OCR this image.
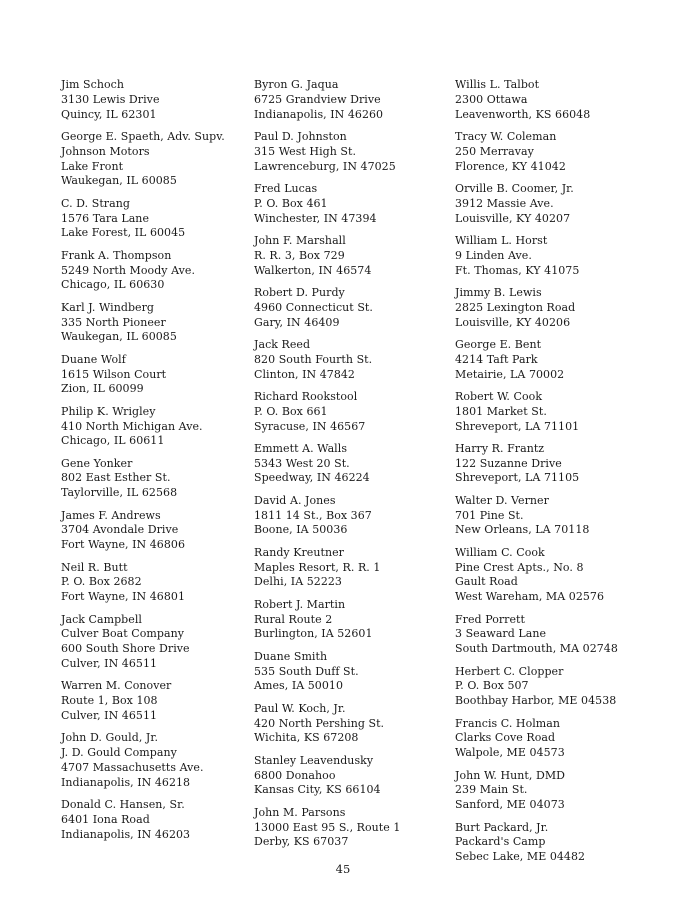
Jim Schoch
3130 Lewis Drive
Quincy, IL 62301
George E. Spaeth, Adv. Supv.
Johnson Motors
Lake Front
Waukegan, IL 60085
C. D. Strang
1576 Tara Lane
Lake Forest, IL 60045
Frank A. Thompson
5249 North Moody Ave.
Chicago, IL 60630
Karl J. Windberg
335 North Pioneer
Waukegan, IL 60085
Duane Wolf
1615 Wilson Court
Zion, IL 60099
Philip K. Wrigley
410 North Michigan Ave.
Chicago, IL 60611
Gene Yonker
802 East Esther St.
Taylorville, IL 62568
James F. Andrews
3704 Avondale Drive
Fort Wayne, IN 46806
Neil R. Butt
P. O. Box 2682
Fort Wayne, IN 46801
Jack Campbell
Culver Boat Company
600 South Shore Drive
Culver, IN 46511
Warren M. Conover
Route 1, Box 108
Culver, IN 46511
John D. Gould, Jr.
J. D. Gould Company
4707 Massachusetts Ave.
Indianapolis, IN 46218
Donald C. Hansen, Sr.
6401 Iona Road
Indianapolis, IN 46203
Byron G. Jaqua
6725 Grandview Drive
Indianapolis, IN 46260
Paul D. Johnston
315 West High St.
Lawrenceburg, IN 47025
Fred Lucas
P. O. Box 461
Winchester, IN 47394
John F. Marshall
R. R. 3, Box 729
Walkerton, IN 46574
Robert D. Purdy
4960 Connecticut St.
Gary, IN 46409
Jack Reed
820 South Fourth St.
Clinton, IN 47842
Richard Rookstool
P. O. Box 661
Syracuse, IN 46567
Emmett A. Walls
5343 West 20 St.
Speedway, IN 46224
David A. Jones
1811 14 St., Box 367
Boone, IA 50036
Randy Kreutner
Maples Resort, R. R. 1
Delhi, IA 52223
Robert J. Martin
Rural Route 2
Burlington, IA 52601
Duane Smith
535 South Duff St.
Ames, IA 50010
Paul W. Koch, Jr.
420 North Pershing St.
Wichita, KS 67208
Stanley Leavendusky
6800 Donahoo
Kansas City, KS 66104
John M. Parsons
13000 East 95 S., Route 1
Derby, KS 67037
Willis L. Talbot
2300 Ottawa
Leavenworth, KS 66048
Tracy W. Coleman
250 Merravay
Florence, KY 41042
Orville B. Coomer, Jr.
3912 Massie Ave.
Louisville, KY 40207
William L. Horst
9 Linden Ave.
Ft. Thomas, KY 41075
Jimmy B. Lewis
2825 Lexington Road
Louisville, KY 40206
George E. Bent
4214 Taft Park
Metairie, LA 70002
Robert W. Cook
1801 Market St.
Shreveport, LA 71101
Harry R. Frantz
122 Suzanne Drive
Shreveport, LA 71105
Walter D. Verner
701 Pine St.
New Orleans, LA 70118
William C. Cook
Pine Crest Apts., No. 8
Gault Road
West Wareham, MA 02576
Fred Porrett
3 Seaward Lane
South Dartmouth, MA 02748
Herbert C. Clopper
P. O. Box 507
Boothbay Harbor, ME 04538
Francis C. Holman
Clarks Cove Road
Walpole, ME 04573
John W. Hunt, DMD
239 Main St.
Sanford, ME 04073
Burt Packard, Jr.
Packard's Camp
Sebec Lake, ME 04482
45
